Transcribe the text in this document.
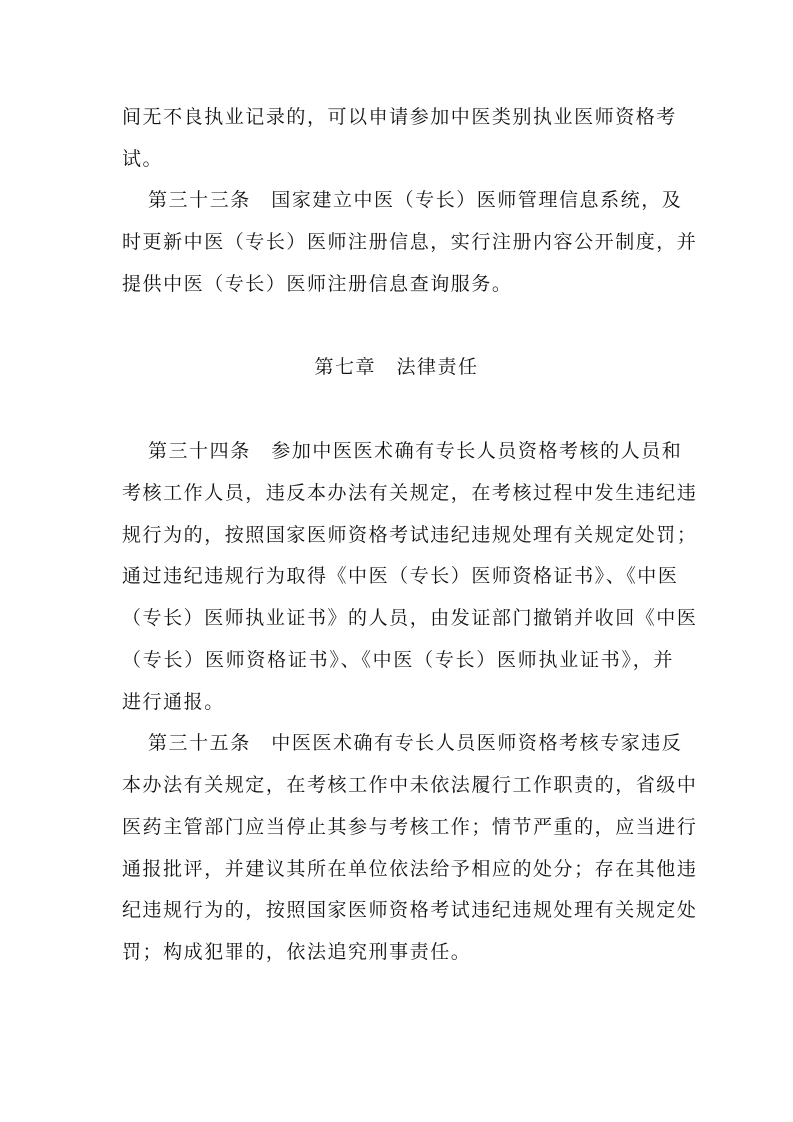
间无不良执业记录的，可以申请参加中医类别执业医师资格考
试。
第三十三条　国家建立中医（专长）医师管理信息系统，及
时更新中医（专长）医师注册信息，实行注册内容公开制度，并
提供中医（专长）医师注册信息查询服务。
第七章　法律责任
第三十四条　参加中医医术确有专长人员资格考核的人员和
考核工作人员，违反本办法有关规定，在考核过程中发生违纪违
规行为的，按照国家医师资格考试违纪违规处理有关规定处罚；
通过违纪违规行为取得《中医（专长）医师资格证书》、《中医
（专长）医师执业证书》的人员，由发证部门撤销并收回《中医
（专长）医师资格证书》、《中医（专长）医师执业证书》，并
进行通报。
第三十五条　中医医术确有专长人员医师资格考核专家违反
本办法有关规定，在考核工作中未依法履行工作职责的，省级中
医药主管部门应当停止其参与考核工作；情节严重的，应当进行
通报批评，并建议其所在单位依法给予相应的处分；存在其他违
纪违规行为的，按照国家医师资格考试违纪违规处理有关规定处
罚；构成犯罪的，依法追究刑事责任。
